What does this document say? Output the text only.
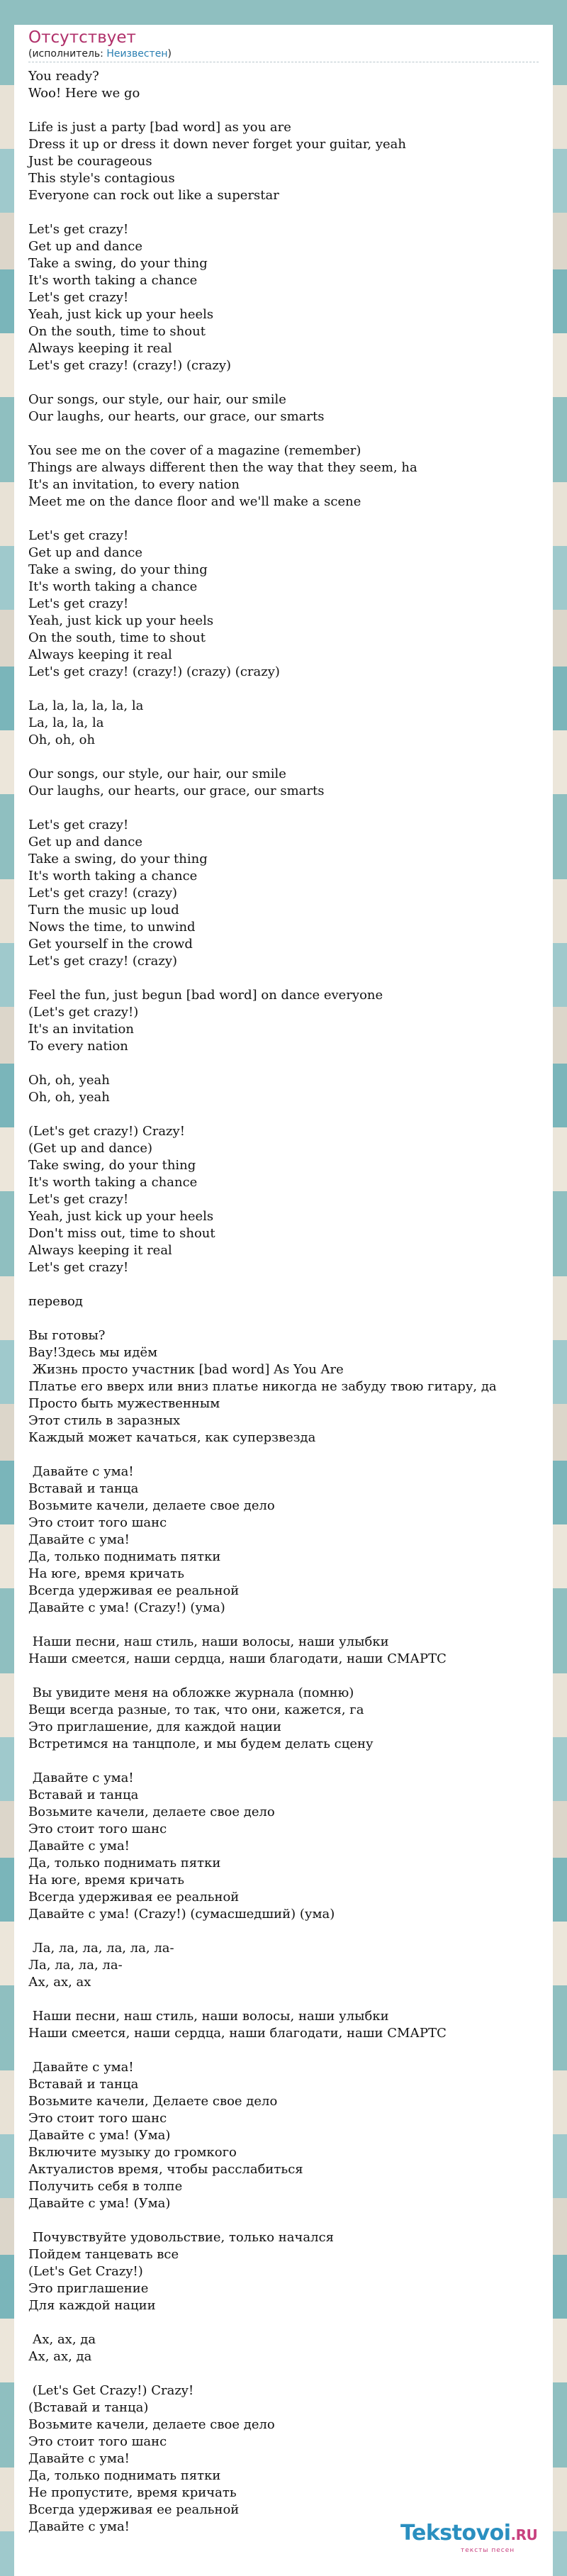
Отсутствует
(исполнитель: Неизвестен)
You ready?
Woo! Here we go
Life is just a party [bad word] as you are
Dress it up or dress it down never forget your guitar, yeah
Just be courageous
This style's contagious
Everyone can rock out like a superstar
Let's get crazy!
Get up and dance
Take a swing, do your thing
It's worth taking a chance
Let's get crazy!
Yeah, just kick up your heels
On the south, time to shout
Always keeping it real
Let's get crazy! (crazy!) (crazy)
Our songs, our style, our hair, our smile
Our laughs, our hearts, our grace, our smarts
You see me on the cover of a magazine (remember)
Things are always different then the way that they seem, ha
It's an invitation, to every nation
Meet me on the dance floor and we'll make a scene
Let's get crazy!
Get up and dance
Take a swing, do your thing
It's worth taking a chance
Let's get crazy!
Yeah, just kick up your heels
On the south, time to shout
Always keeping it real
Let's get crazy! (crazy!) (crazy) (crazy)
La, la, la, la, la, la
La, la, la, la
Oh, oh, oh
Our songs, our style, our hair, our smile
Our laughs, our hearts, our grace, our smarts
Let's get crazy!
Get up and dance
Take a swing, do your thing
It's worth taking a chance
Let's get crazy! (crazy)
Turn the music up loud
Nows the time, to unwind
Get yourself in the crowd
Let's get crazy! (crazy)
Feel the fun, just begun [bad word] on dance everyone
(Let's get crazy!)
It's an invitation
To every nation
Oh, oh, yeah
Oh, oh, yeah
(Let's get crazy!) Crazy!
(Get up and dance)
Take swing, do your thing
It's worth taking a chance
Let's get crazy!
Yeah, just kick up your heels
Don't miss out, time to shout
Always keeping it real
Let's get crazy!
перевод
Вы готовы?
Вау!Здесь мы идём
Жизнь просто участник [bad word] As You Are
Платье его вверх или вниз платье никогда не забуду твою гитару, да
Просто быть мужественным
Этот стиль в заразных
Каждый может качаться, как суперзвезда
Давайте с ума!
Вставай и танца
Возьмите качели, делаете свое дело
Это стоит того шанс
Давайте с ума!
Да, только поднимать пятки
На юге, время кричать
Всегда удерживая ее реальной
Давайте с ума! (Crazy!) (ума)
Наши песни, наш стиль, наши волосы, наши улыбки
Наши смеется, наши сердца, наши благодати, наши СМАРТС
Вы увидите меня на обложке журнала (помню)
Вещи всегда разные, то так, что они, кажется, га
Это приглашение, для каждой нации
Встретимся на танцполе, и мы будем делать сцену
Давайте с ума!
Вставай и танца
Возьмите качели, делаете свое дело
Это стоит того шанс
Давайте с ума!
Да, только поднимать пятки
На юге, время кричать
Всегда удерживая ее реальной
Давайте с ума! (Crazy!) (сумасшедший) (ума)
Ла, ла, ла, ла, ла, ла-
Ла, ла, ла, ла-
Ах, ах, ах
Наши песни, наш стиль, наши волосы, наши улыбки
Наши смеется, наши сердца, наши благодати, наши СМАРТС
Давайте с ума!
Вставай и танца
Возьмите качели, Делаете свое дело
Это стоит того шанс
Давайте с ума! (Ума)
Включите музыку до громкого
Актуалистов время, чтобы расслабиться
Получить себя в толпе
Давайте с ума! (Ума)
Почувствуйте удовольствие, только начался
Пойдем танцевать все
(Let's Get Crazy!)
Это приглашение
Для каждой нации
Ах, ах, да
Ах, ах, да
(Let's Get Crazy!) Crazy!
(Вставай и танца)
Возьмите качели, делаете свое дело
Это стоит того шанс
Давайте с ума!
Да, только поднимать пятки
Не пропустите, время кричать
Всегда удерживая ее реальной
Давайте с ума!	Tekstovoi.RU
тексты песен
